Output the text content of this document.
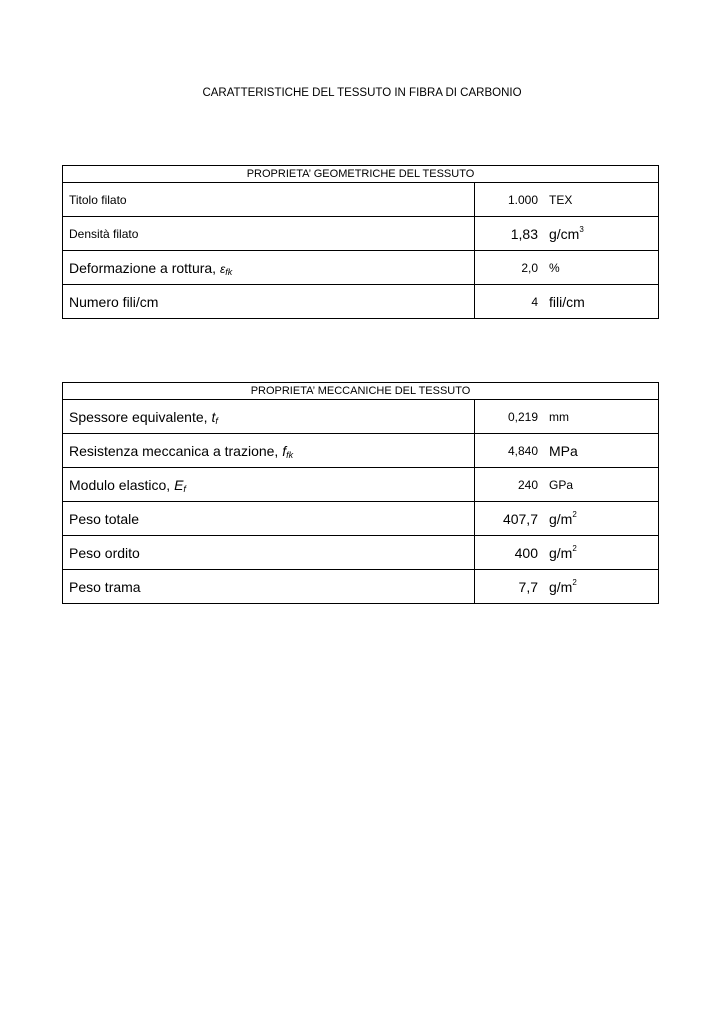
CARATTERISTICHE DEL TESSUTO IN FIBRA DI CARBONIO
PROPRIETA’ GEOMETRICHE DEL TESSUTO	
Titolo filato	1.000 TEX

Densità filato	1,83 $g/cm^3$

Deformazione a rottura, $\varepsilon_{fk}$	2,0 %

Numero fili/cm	4 fili/cm
PROPRIETA’ MECCANICHE DEL TESSUTO	
Spessore equivalente, $t_f$	0,219 mm

Resistenza meccanica a trazione, $f_{fk}$	4,840 MPa

Modulo elastico, $E_f$	240 GPa

Peso totale	407,7 $g/m^2$

Peso ordito	400 $g/m^2$

Peso trama	7,7 $g/m^2$
